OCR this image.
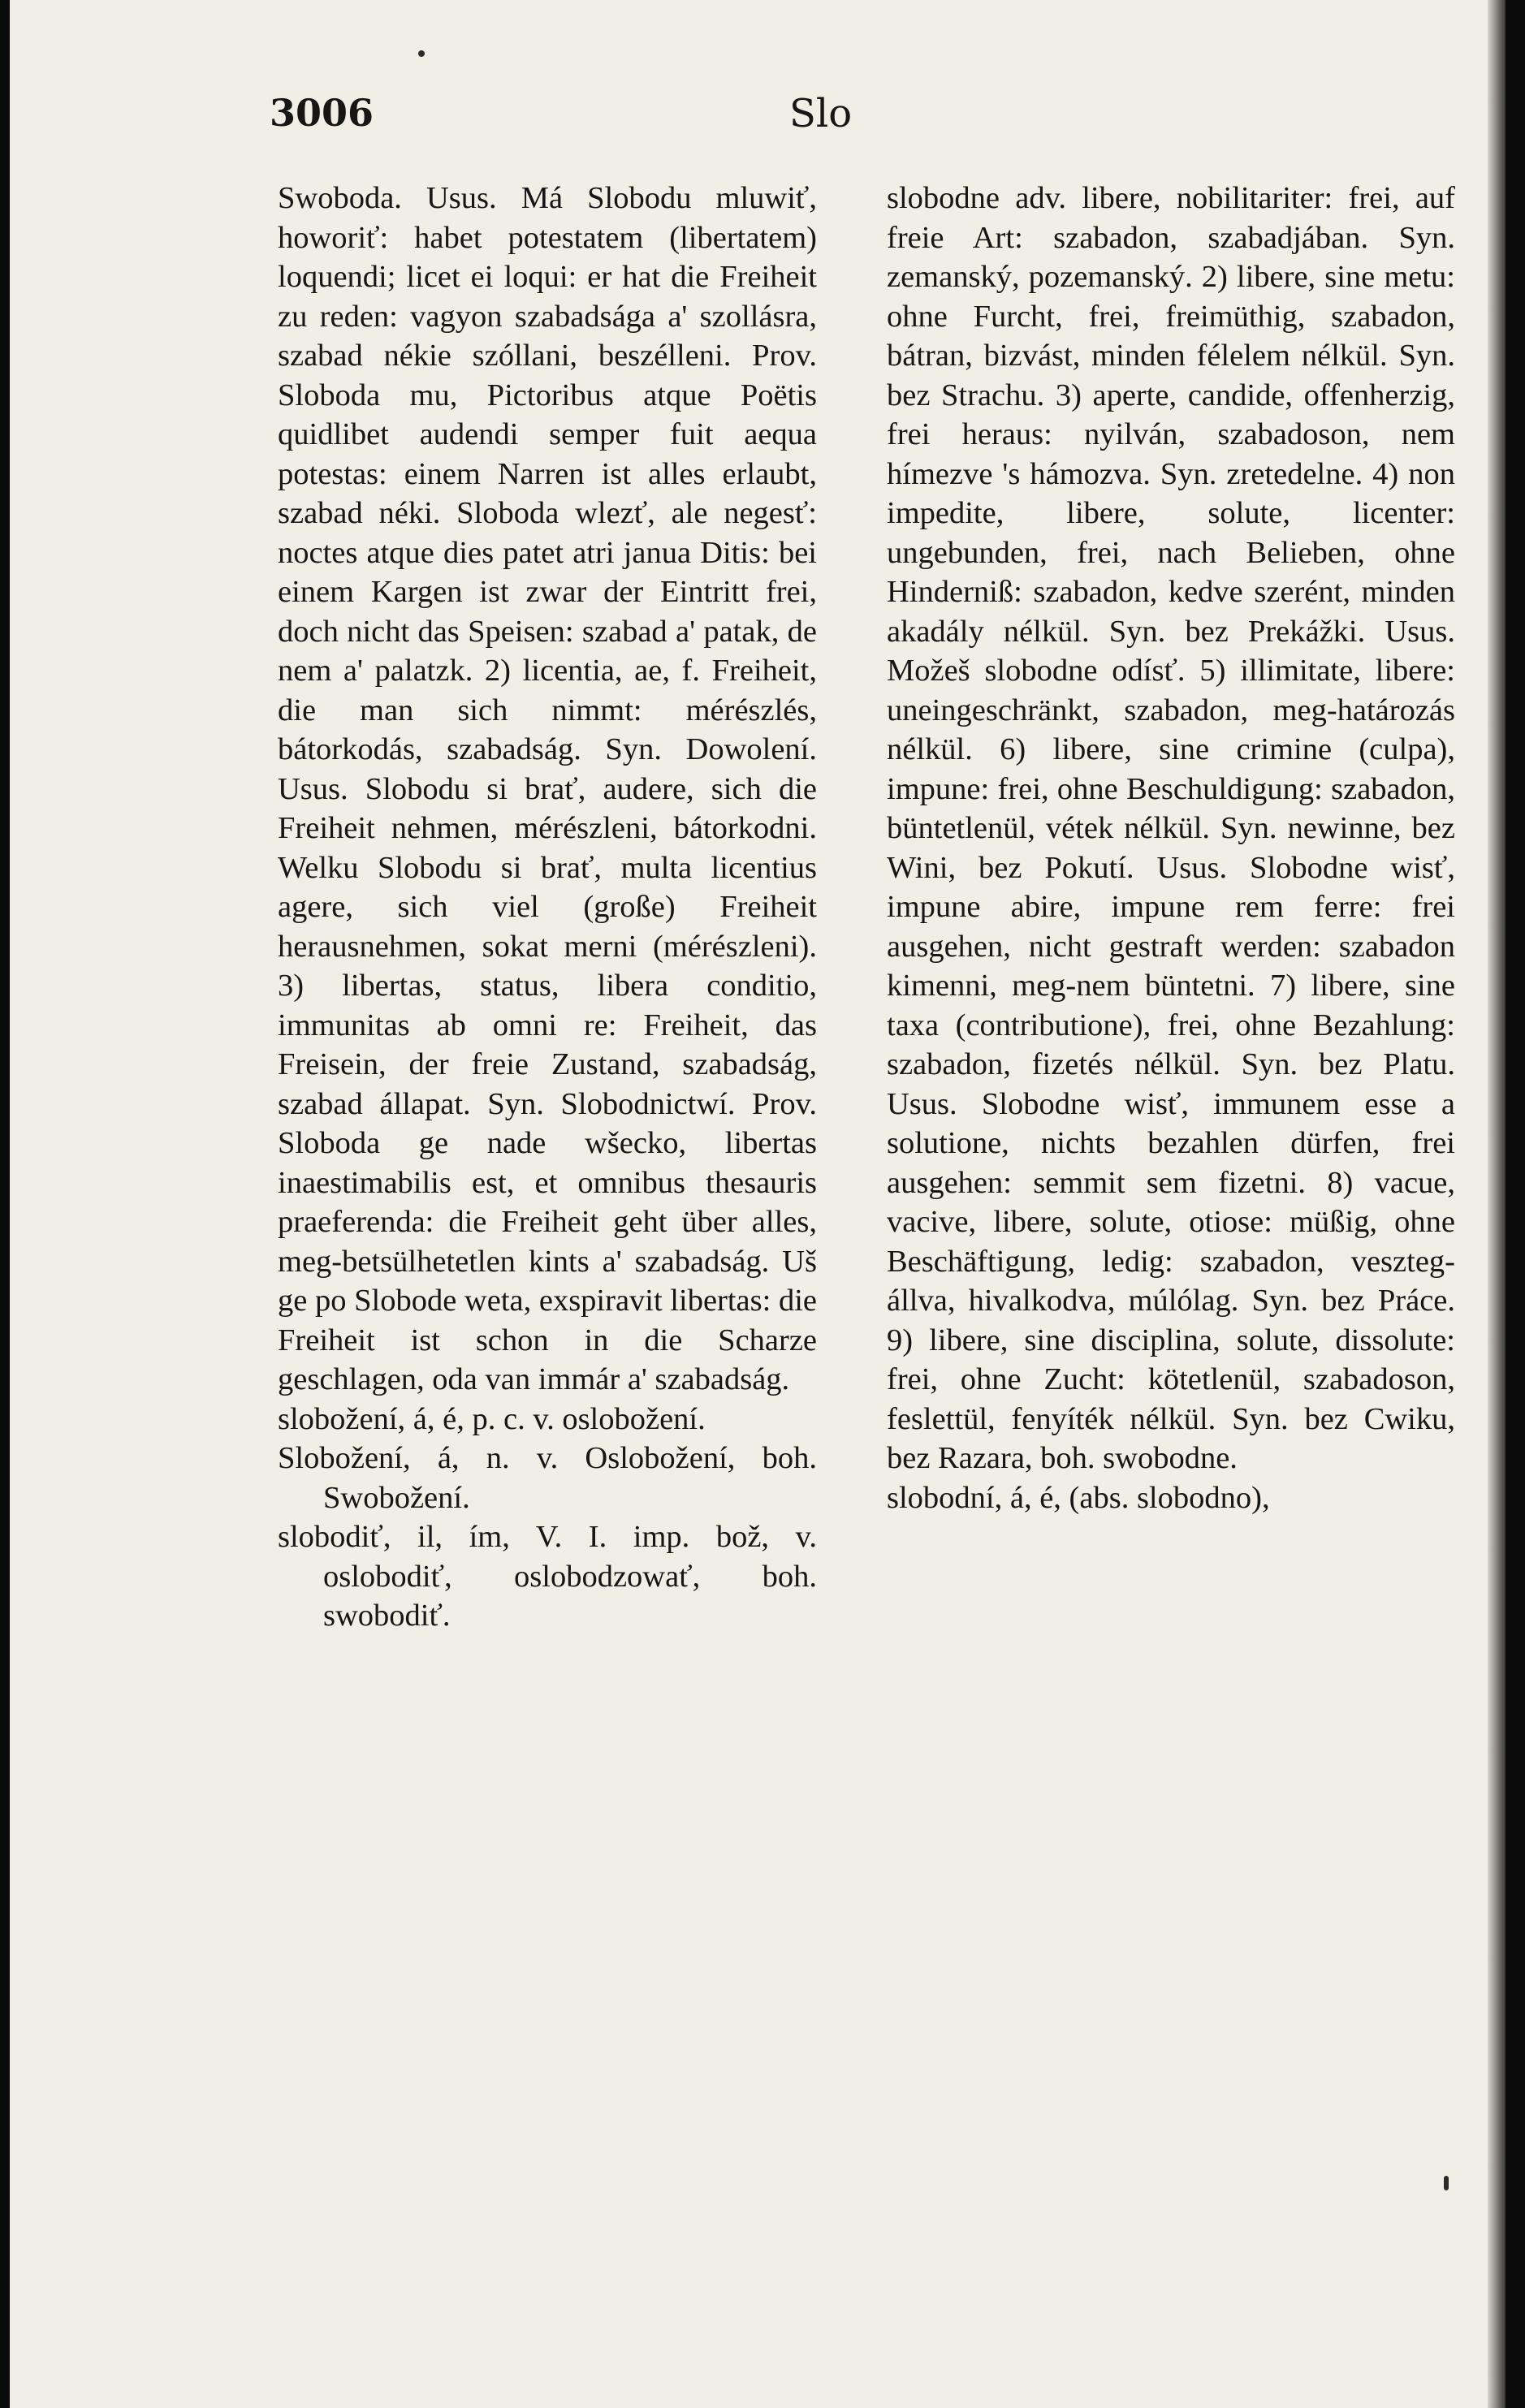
3006	Slo

Swoboda. Usus. Má Slobodu mluwiť, howoriť: habet potestatem (libertatem) loquendi; licet ei loqui: er hat die Freiheit zu reden: vagyon szabadsága a' szollásra, szabad nékie szóllani, beszélleni. Prov. Sloboda mu, Pictoribus atque Poëtis quidlibet audendi semper fuit aequa potestas: einem Narren ist alles erlaubt, szabad néki. Sloboda wlezť, ale negesť: noctes atque dies patet atri janua Ditis: bei einem Kargen ist zwar der Eintritt frei, doch nicht das Speisen: szabad a' patak, de nem a' palatzk. 2) licentia, ae, f. Freiheit, die man sich nimmt: mérészlés, bátorkodás, szabadság. Syn. Dowolení. Usus. Slobodu si brať, audere, sich die Freiheit nehmen, mérészleni, bátorkodni. Welku Slobodu si brať, multa licentius agere, sich viel (große) Freiheit herausnehmen, sokat merni (mérészleni). 3) libertas, status, libera conditio, immunitas ab omni re: Freiheit, das Freisein, der freie Zustand, szabadság, szabad állapat. Syn. Slobodnictwí. Prov. Sloboda ge nade wšecko, libertas inaestimabilis est, et omnibus thesauris praeferenda: die Freiheit geht über alles, meg-betsülhetetlen kints a' szabadság. Uš ge po Slobode weta, exspiravit libertas: die Freiheit ist schon in die Scharze geschlagen, oda van immár a' szabadság.

slobožení, á, é, p. c. v. oslobožení.

Slobožení, á, n. v. Oslobožení, boh. Swobožení.

slobodiť, il, ím, V. I. imp. bož, v. oslobodiť, oslobodzowať, boh. swobodiť.

slobodne adv. libere, nobilitariter: frei, auf freie Art: szabadon, szabadjában. Syn. zemanský, pozemanský. 2) libere, sine metu: ohne Furcht, frei, freimüthig, szabadon, bátran, bizvást, minden félelem nélkül. Syn. bez Strachu. 3) aperte, candide, offenherzig, frei heraus: nyilván, szabadoson, nem hímezve 's hámozva. Syn. zretedelne. 4) non impedite, libere, solute, licenter: ungebunden, frei, nach Belieben, ohne Hinderniß: szabadon, kedve szerént, minden akadály nélkül. Syn. bez Prekážki. Usus. Možeš slobodne odísť. 5) illimitate, libere: uneingeschränkt, szabadon, meg-határozás nélkül. 6) libere, sine crimine (culpa), impune: frei, ohne Beschuldigung: szabadon, büntetlenül, vétek nélkül. Syn. newinne, bez Wini, bez Pokutí. Usus. Slobodne wisť, impune abire, impune rem ferre: frei ausgehen, nicht gestraft werden: szabadon kimenni, meg-nem büntetni. 7) libere, sine taxa (contributione), frei, ohne Bezahlung: szabadon, fizetés nélkül. Syn. bez Platu. Usus. Slobodne wisť, immunem esse a solutione, nichts bezahlen dürfen, frei ausgehen: semmit sem fizetni. 8) vacue, vacive, libere, solute, otiose: müßig, ohne Beschäftigung, ledig: szabadon, veszteg-állva, hivalkodva, múlólag. Syn. bez Práce. 9) libere, sine disciplina, solute, dissolute: frei, ohne Zucht: kötetlenül, szabadoson, feslettül, fenyíték nélkül. Syn. bez Cwiku, bez Razara, boh. swobodne.

slobodní, á, é, (abs. slobodno),
